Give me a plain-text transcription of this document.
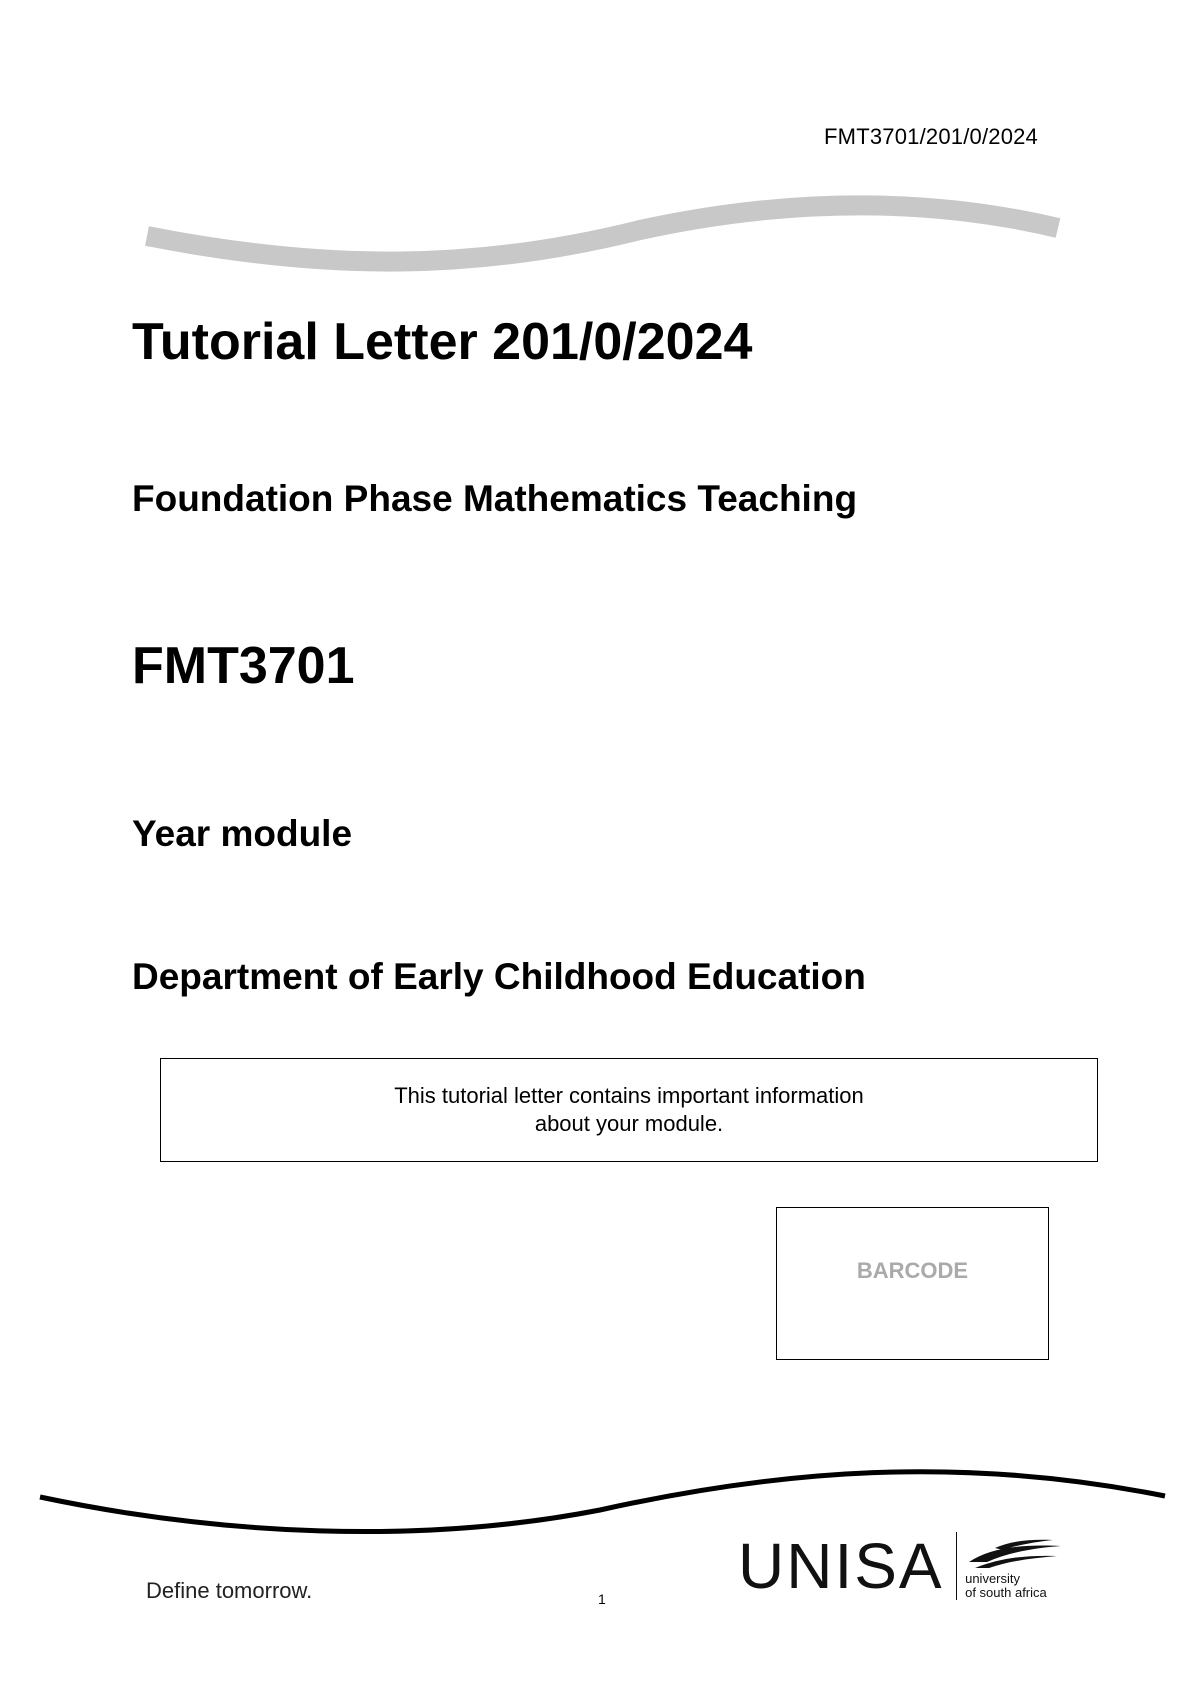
FMT3701/201/0/2024
Tutorial Letter 201/0/2024
Foundation Phase Mathematics Teaching
FMT3701
Year module
Department of Early Childhood Education
This tutorial letter contains important information
about your module.
BARCODE
Define tomorrow.	1 UNISA university
of south africa
